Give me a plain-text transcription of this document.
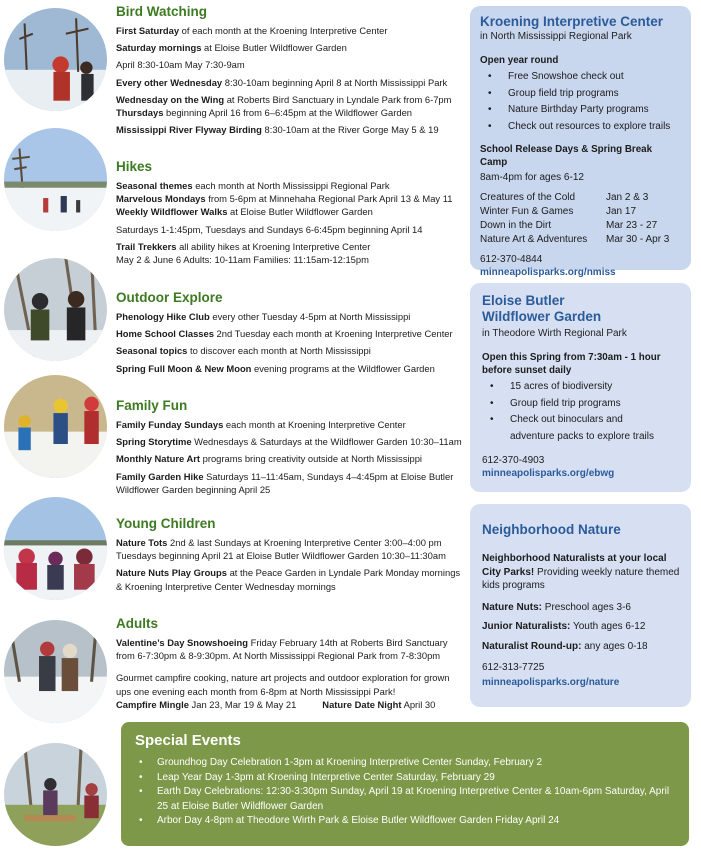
Bird Watching

First Saturday of each month at the Kroening Interpretive Center

Saturday mornings at Eloise Butler Wildflower Garden

April 8:30-10am May 7:30-9am

Every other Wednesday 8:30-10am beginning April 8 at North Mississippi Park

Wednesday on the Wing at Roberts Bird Sanctuary in Lyndale Park from 6-7pm
Thursdays beginning April 16 from 6–6:45pm at the Wildflower Garden

Mississippi River Flyway Birding 8:30-10am at the River Gorge May 5 & 19

Hikes

Seasonal themes each month at North Mississippi Regional Park
Marvelous Mondays from 5-6pm at Minnehaha Regional Park April 13 & May 11
Weekly Wildflower Walks at Eloise Butler Wildflower Garden

Saturdays 1-1:45pm, Tuesdays and Sundays 6-6:45pm beginning April 14

Trail Trekkers all ability hikes at Kroening Interpretive Center
May 2 & June 6 Adults: 10-11am Families: 11:15am-12:15pm

Outdoor Explore

Phenology Hike Club every other Tuesday 4-5pm at North Mississippi

Home School Classes 2nd Tuesday each month at Kroening Interpretive Center

Seasonal topics to discover each month at North Mississippi

Spring Full Moon & New Moon evening programs at the Wildflower Garden

Family Fun

Family Funday Sundays each month at Kroening Interpretive Center

Spring Storytime Wednesdays & Saturdays at the Wildflower Garden 10:30–11am

Monthly Nature Art programs bring creativity outside at North Mississippi

Family Garden Hike Saturdays 11–11:45am, Sundays 4–4:45pm at Eloise Butler Wildflower Garden beginning April 25

Young Children

Nature Tots 2nd & last Sundays at Kroening Interpretive Center 3:00–4:00 pm Tuesdays beginning April 21 at Eloise Butler Wildflower Garden 10:30–11:30am

Nature Nuts Play Groups at the Peace Garden in Lyndale Park Monday mornings & Kroening Interpretive Center Wednesday mornings

Adults

Valentine’s Day Snowshoeing Friday February 14th at Roberts Bird Sanctuary from 6-7:30pm & 8-9:30pm. At North Mississippi Regional Park from 7-8:30pm

Gourmet campfire cooking, nature art projects and outdoor exploration for grown ups one evening each month from 6-8pm at North Mississippi Park!

Campfire Mingle Jan 23, Mar 19 & May 21	Nature Date Night April 30

Kroening Interpretive Center
in North Mississippi Regional Park
Open year round
• Free Snowshoe check out
• Group field trip programs
• Nature Birthday Party programs
• Check out resources to explore trails
School Release Days & Spring Break Camp
8am-4pm for ages 6-12
Creatures of the Cold	Jan 2 & 3
Winter Fun & Games	Jan 17
Down in the Dirt	Mar 23 - 27
Nature Art & Adventures	Mar 30 - Apr 3
612-370-4844
minneapolisparks.org/nmiss
Eloise Butler Wildflower Garden
in Theodore Wirth Regional Park
Open this Spring from 7:30am - 1 hour before sunset daily
• 15 acres of biodiversity
• Group field trip programs
• Check out binoculars and adventure packs to explore trails
612-370-4903
minneapolisparks.org/ebwg
Neighborhood Nature
Neighborhood Naturalists at your local City Parks! Providing weekly nature themed kids programs
Nature Nuts: Preschool ages 3-6
Junior Naturalists: Youth ages 6-12
Naturalist Round-up: any ages 0-18
612-313-7725
minneapolisparks.org/nature
Special Events
• Groundhog Day Celebration 1-3pm at Kroening Interpretive Center Sunday, February 2
• Leap Year Day 1-3pm at Kroening Interpretive Center Saturday, February 29
• Earth Day Celebrations: 12:30-3:30pm Sunday, April 19 at Kroening Interpretive Center & 10am-6pm Saturday, April 25 at Eloise Butler Wildflower Garden
• Arbor Day 4-8pm at Theodore Wirth Park & Eloise Butler Wildflower Garden Friday April 24
